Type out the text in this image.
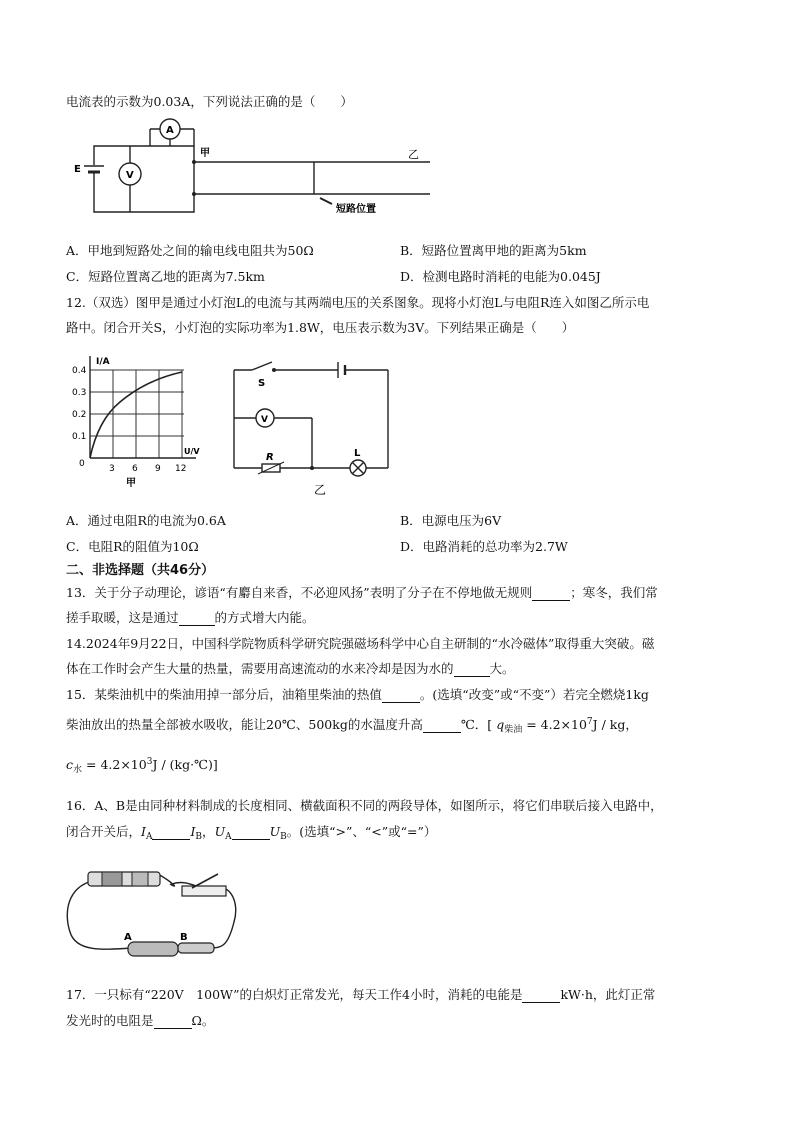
电流表的示数为0.03A，下列说法正确的是（　　）
E
A
V
甲	乙
短路位置
A．甲地到短路处之间的输电线电阻共为50Ω	B．短路位置离甲地的距离为5km
C．短路位置离乙地的距离为7.5km	D．检测电路时消耗的电能为0.045J
12.（双选）图甲是通过小灯泡L的电流与其两端电压的关系图象。现将小灯泡L与电阻R连入如图乙所示电
路中。闭合开关S，小灯泡的实际功率为1.8W，电压表示数为3V。下列结果正确是（　　）
I/A
U/V
0.4
0.3
0.2
0.1
0	3 6 9 12
甲
S
V
R	L
乙
A．通过电阻R的电流为0.6A	B．电源电压为6V
C．电阻R的阻值为10Ω	D．电路消耗的总功率为2.7W
二、非选择题（共46分）
13．关于分子动理论，谚语“有麝自来香，不必迎风扬”表明了分子在不停地做无规则	；寒冬，我们常
搓手取暖，这是通过	的方式增大内能。
14.2024年9月22日，中国科学院物质科学研究院强磁场科学中心自主研制的“水冷磁体”取得重大突破。磁
体在工作时会产生大量的热量，需要用高速流动的水来冷却是因为水的	大。
15．某柴油机中的柴油用掉一部分后，油箱里柴油的热值	。(选填“改变”或“不变”）若完全燃烧1kg
柴油放出的热量全部被水吸收，能让20℃、500kg的水温度升高	℃．[ $q_{柴油} = 4.2\times 10^7J$ / kg，
$c_水 = 4.2\times 10^3J$ / (kg·℃)]
16．A、B是由同种材料制成的长度相同、横截面积不同的两段导体，如图所示，将它们串联后接入电路中，
闭合开关后，$I_A$	$I_B$，$U_A$	$U_B$。(选填“>”、“<”或“=”）
A	B
17．一只标有“220V　100W”的白炽灯正常发光，每天工作4小时，消耗的电能是	kW·h，此灯正常
发光时的电阻是	Ω。
